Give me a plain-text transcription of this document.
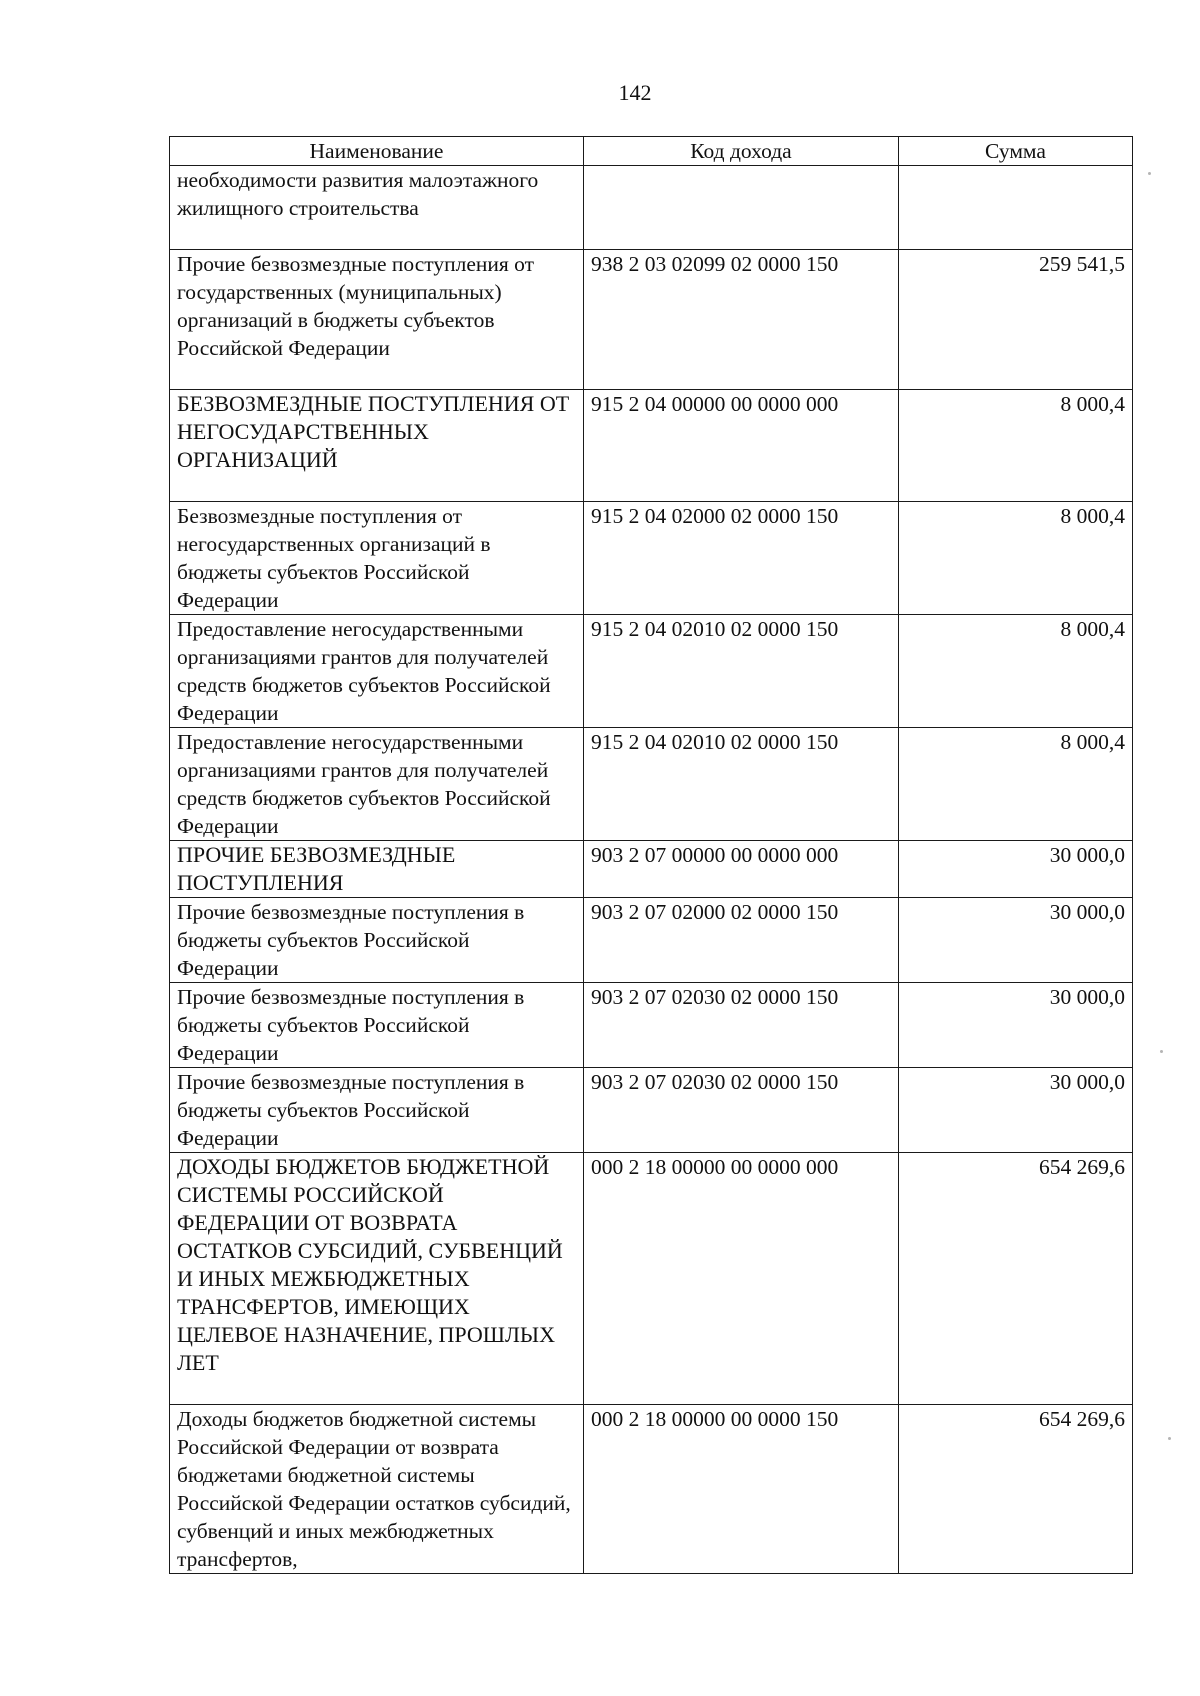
142
Наименование	Код дохода	Сумма
необходимости развития малоэтажного жилищного строительства		
Прочие безвозмездные поступления от государственных (муниципальных) организаций в бюджеты субъектов Российской Федерации	938 2 03 02099 02 0000 150	259 541,5
БЕЗВОЗМЕЗДНЫЕ ПОСТУПЛЕНИЯ ОТ НЕГОСУДАРСТВЕННЫХ ОРГАНИЗАЦИЙ	915 2 04 00000 00 0000 000	8 000,4
Безвозмездные поступления от негосударственных организаций в бюджеты субъектов Российской Федерации	915 2 04 02000 02 0000 150	8 000,4
Предоставление негосударственными организациями грантов для получателей средств бюджетов субъектов Российской Федерации	915 2 04 02010 02 0000 150	8 000,4
Предоставление негосударственными организациями грантов для получателей средств бюджетов субъектов Российской Федерации	915 2 04 02010 02 0000 150	8 000,4
ПРОЧИЕ БЕЗВОЗМЕЗДНЫЕ ПОСТУПЛЕНИЯ	903 2 07 00000 00 0000 000	30 000,0
Прочие безвозмездные поступления в бюджеты субъектов Российской Федерации	903 2 07 02000 02 0000 150	30 000,0
Прочие безвозмездные поступления в бюджеты субъектов Российской Федерации	903 2 07 02030 02 0000 150	30 000,0
Прочие безвозмездные поступления в бюджеты субъектов Российской Федерации	903 2 07 02030 02 0000 150	30 000,0
ДОХОДЫ БЮДЖЕТОВ БЮДЖЕТНОЙ СИСТЕМЫ РОССИЙСКОЙ ФЕДЕРАЦИИ ОТ ВОЗВРАТА ОСТАТКОВ СУБСИДИЙ, СУБВЕНЦИЙ И ИНЫХ МЕЖБЮДЖЕТНЫХ ТРАНСФЕРТОВ, ИМЕЮЩИХ ЦЕЛЕВОЕ НАЗНАЧЕНИЕ, ПРОШЛЫХ ЛЕТ	000 2 18 00000 00 0000 000	654 269,6
Доходы бюджетов бюджетной системы Российской Федерации от возврата бюджетами бюджетной системы Российской Федерации остатков субсидий, субвенций и иных межбюджетных трансфертов,	000 2 18 00000 00 0000 150	654 269,6
